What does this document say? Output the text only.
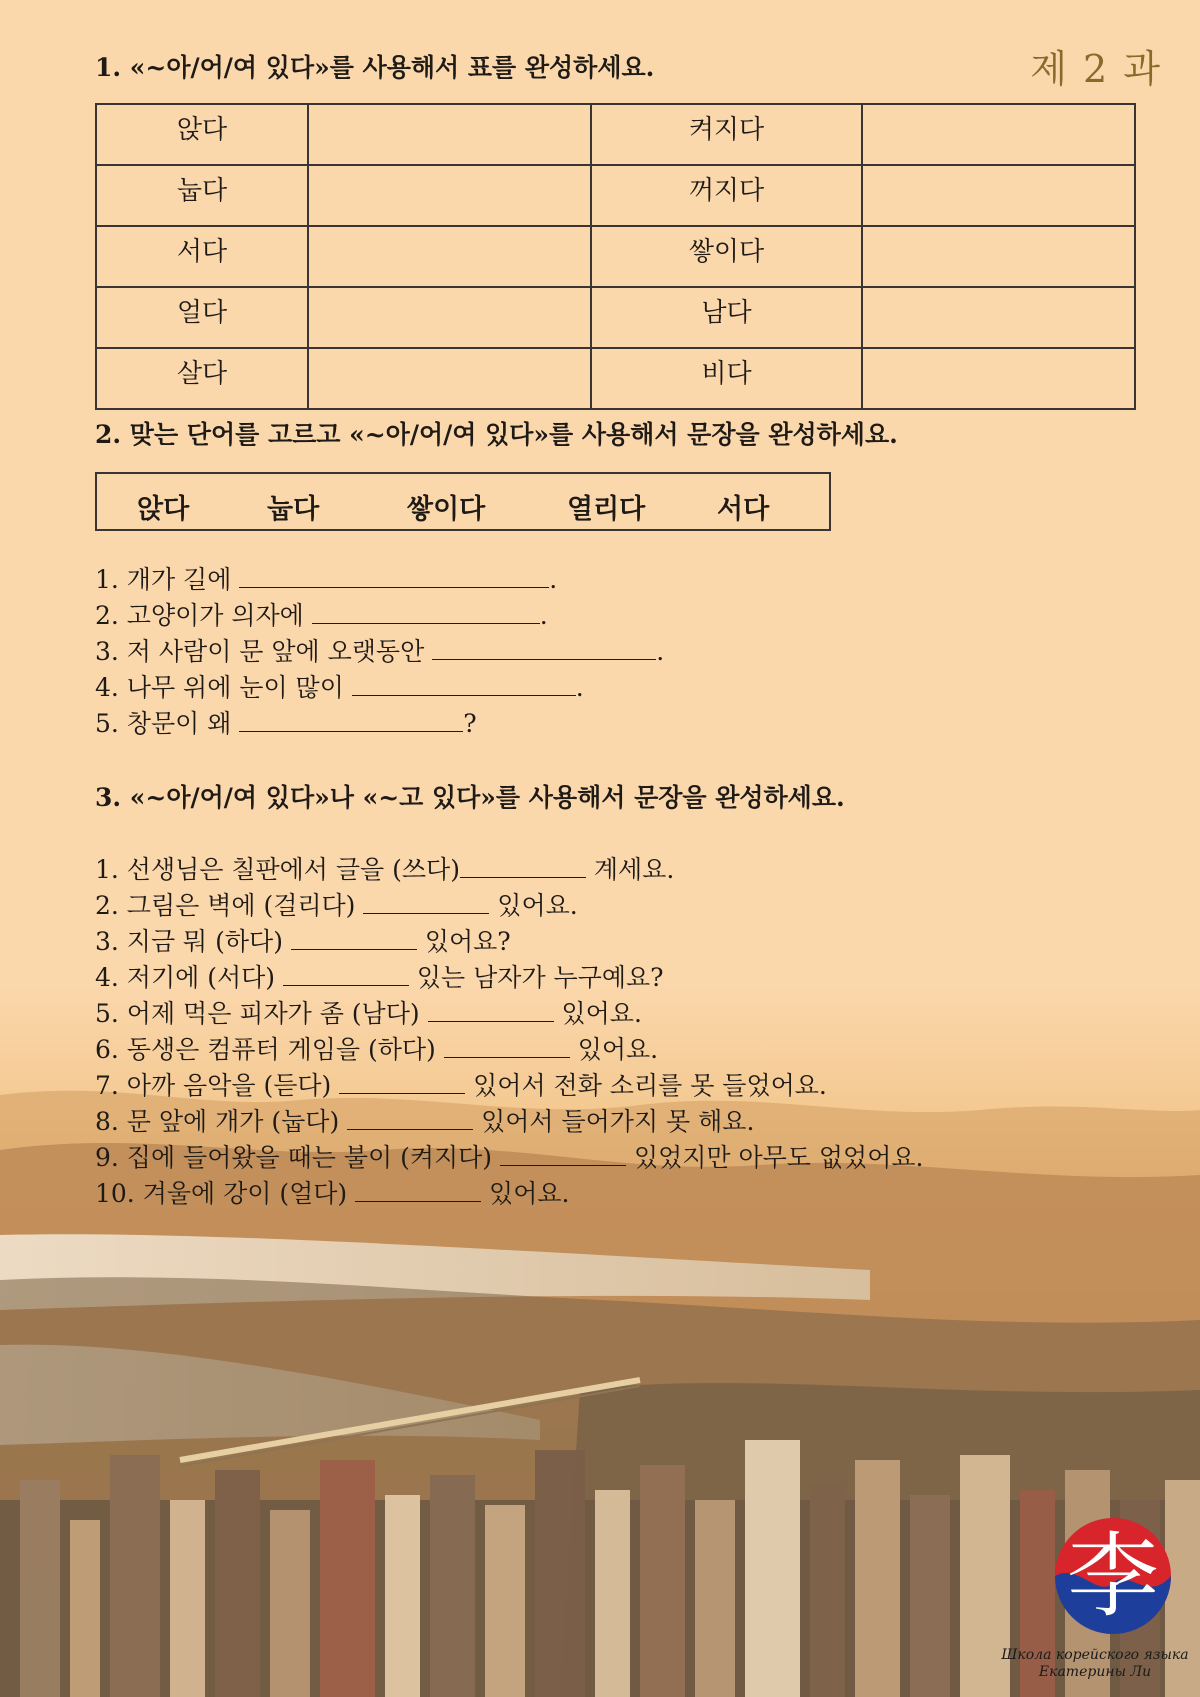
제 2 과
1. «~아/어/여 있다»를 사용해서 표를 완성하세요.
앉다		켜지다	
눕다		꺼지다	
서다		쌓이다	
얼다		남다	
살다		비다	
2. 맞는 단어를 고르고 «~아/어/여 있다»를 사용해서 문장을 완성하세요.
앉다	눕다	쌓이다	열리다	서다
1. 개가 길에	.
2. 고양이가 의자에	.
3. 저 사람이 문 앞에 오랫동안	.
4. 나무 위에 눈이 많이	.
5. 창문이 왜	?
3. «~아/어/여 있다»나 «~고 있다»를 사용해서 문장을 완성하세요.
1. 선생님은 칠판에서 글을 (쓰다)	계세요.
2. 그림은 벽에 (걸리다)	있어요.
3. 지금 뭐 (하다)	있어요?
4. 저기에 (서다)	있는 남자가 누구예요?
5. 어제 먹은 피자가 좀 (남다)	있어요.
6. 동생은 컴퓨터 게임을 (하다)	있어요.
7. 아까 음악을 (듣다)	있어서 전화 소리를 못 들었어요.
8. 문 앞에 개가 (눕다)	있어서 들어가지 못 해요.
9. 집에 들어왔을 때는 불이 (켜지다)	있었지만 아무도 없었어요.
10. 겨울에 강이 (얼다)	있어요.
李
Школа корейского языка
Екатерины Ли
